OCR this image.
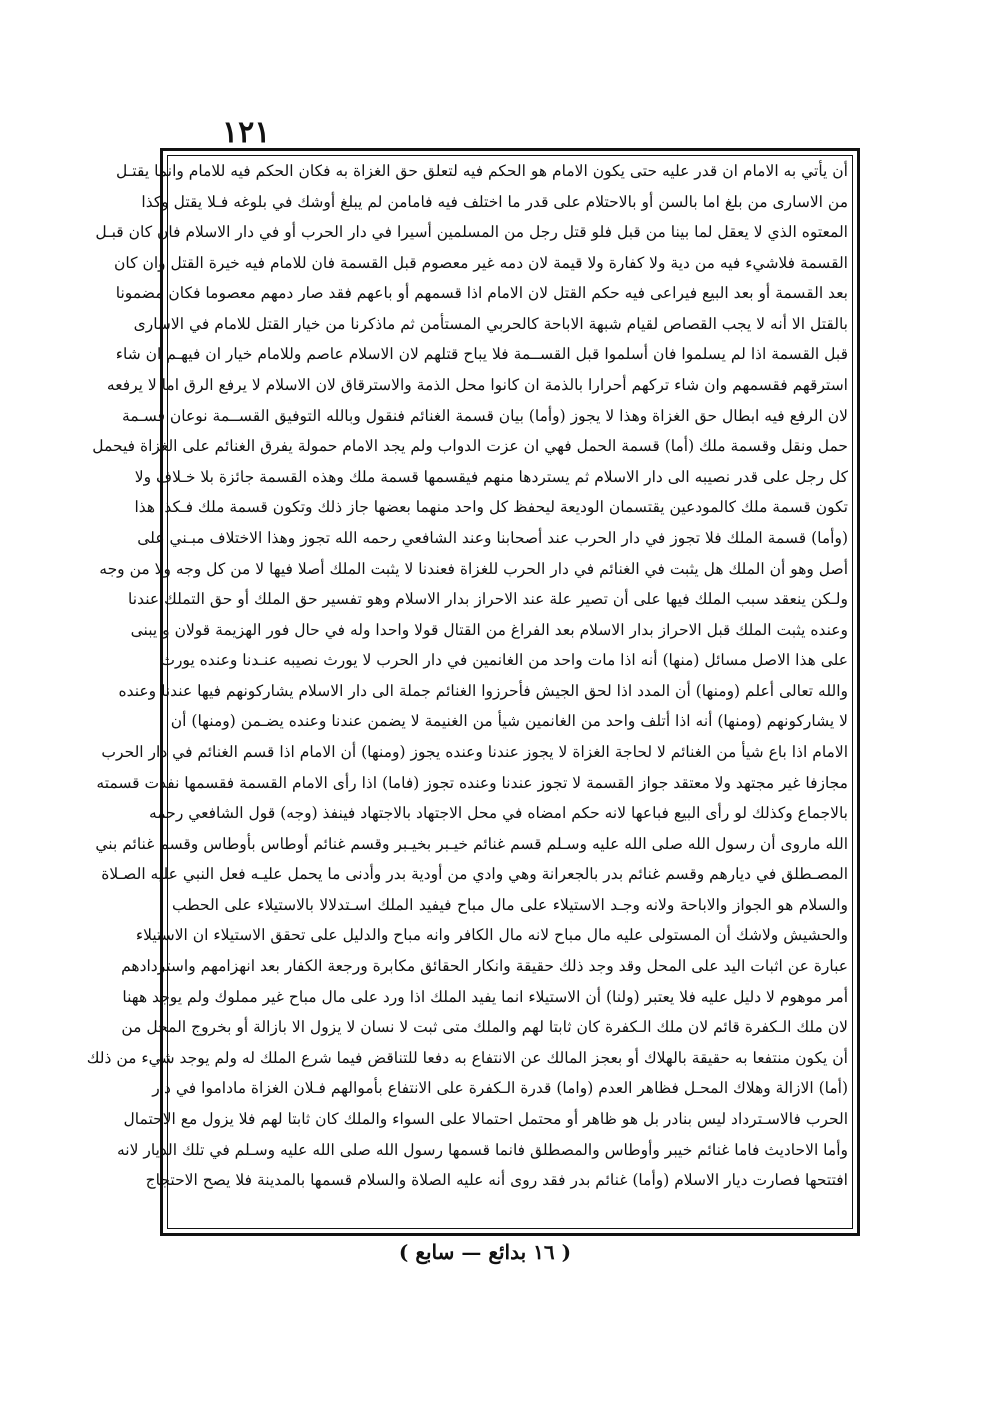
١٢١
أن يأتي به الامام ان قدر عليه حتى يكون الامام هو الحكم فيه لتعلق حق الغزاة به فكان الحكم فيه للامام وانما يقتـل
من الاسارى من بلغ اما بالسن أو بالاحتلام على قدر ما اختلف فيه فامامن لم يبلغ أوشك في بلوغه فـلا يقتل وكذا
المعتوه الذي لا يعقل لما بينا من قبل فلو قتل رجل من المسلمين أسيرا في دار الحرب أو في دار الاسلام فان كان قبـل
القسمة فلاشيء فيه من دية ولا كفارة ولا قيمة لان دمه غير معصوم قبل القسمة فان للامام فيه خيرة القتل وان كان
بعد القسمة أو بعد البيع فيراعى فيه حكم القتل لان الامام اذا قسمهم أو باعهم فقد صار دمهم معصوما فكان مضمونا
بالقتل الا أنه لا يجب القصاص لقيام شبهة الاباحة كالحربي المستأمن ثم ماذكرنا من خيار القتل للامام في الاسارى
قبل القسمة اذا لم يسلموا فان أسلموا قبل القســمة فلا يباح قتلهم لان الاسلام عاصم وللامام خيار ان فيهـم ان شاء
استرقهم فقسمهم وان شاء تركهم أحرارا بالذمة ان كانوا محل الذمة والاسترقاق لان الاسلام لا يرفع الرق اما لا يرفعه
لان الرفع فيه ابطال حق الغزاة وهذا لا يجوز (وأما) بيان قسمة الغنائم فنقول وبالله التوفيق القســمة نوعان قسـمة
حمل ونقل وقسمة ملك (أما) قسمة الحمل فهي ان عزت الدواب ولم يجد الامام حمولة يفرق الغنائم على الغزاة فيحمل
كل رجل على قدر نصيبه الى دار الاسلام ثم يستردها منهم فيقسمها قسمة ملك وهذه القسمة جائزة بلا خـلاف ولا
تكون قسمة ملك كالمودعين يقتسمان الوديعة ليحفظ كل واحد منهما بعضها جاز ذلك وتكون قسمة ملك فـكذا هذا
(وأما) قسمة الملك فلا تجوز في دار الحرب عند أصحابنا وعند الشافعي رحمه الله تجوز وهذا الاختلاف مبـني على
أصل وهو أن الملك هل يثبت في الغنائم في دار الحرب للغزاة فعندنا لا يثبت الملك أصلا فيها لا من كل وجه ولا من وجه
ولـكن ينعقد سبب الملك فيها على أن تصير علة عند الاحراز بدار الاسلام وهو تفسير حق الملك أو حق التملك عندنا
وعنده يثبت الملك قبل الاحراز بدار الاسلام بعد الفراغ من القتال قولا واحدا وله في حال فور الهزيمة قولان و يبنى
على هذا الاصل مسائل (منها) أنه اذا مات واحد من الغانمين في دار الحرب لا يورث نصيبه عنـدنا وعنده يورث
والله تعالى أعلم (ومنها) أن المدد اذا لحق الجيش فأحرزوا الغنائم جملة الى دار الاسلام يشاركونهم فيها عندنا وعنده
لا يشاركونهم (ومنها) أنه اذا أتلف واحد من الغانمين شيأ من الغنيمة لا يضمن عندنا وعنده يضـمن (ومنها) أن
الامام اذا باع شيأ من الغنائم لا لحاجة الغزاة لا يجوز عندنا وعنده يجوز (ومنها) أن الامام اذا قسم الغنائم في دار الحرب
مجازفا غير مجتهد ولا معتقد جواز القسمة لا تجوز عندنا وعنده تجوز (فاما) اذا رأى الامام القسمة فقسمها نفذت قسمته
بالاجماع وكذلك لو رأى البيع فباعها لانه حكم امضاه في محل الاجتهاد بالاجتهاد فينفذ (وجه) قول الشافعي رحمه
الله ماروى أن رسول الله صلى الله عليه وسـلم قسم غنائم خيـبر بخيـبر وقسم غنائم أوطاس بأوطاس وقسم غنائم بني
المصـطلق في ديارهم وقسم غنائم بدر بالجعرانة وهي وادي من أودية بدر وأدنى ما يحمل عليـه فعل النبي عليه الصـلاة
والسلام هو الجواز والاباحة ولانه وجـد الاستيلاء على مال مباح فيفيد الملك اسـتدلالا بالاستيلاء على الحطب
والحشيش ولاشك أن المستولى عليه مال مباح لانه مال الكافر وانه مباح والدليل على تحقق الاستيلاء ان الاستيلاء
عبارة عن اثبات اليد على المحل وقد وجد ذلك حقيقة وانكار الحقائق مكابرة ورجعة الكفار بعد انهزامهم واستردادهم
أمر موهوم لا دليل عليه فلا يعتبر (ولنا) أن الاستيلاء انما يفيد الملك اذا ورد على مال مباح غير مملوك ولم يوجد ههنا
لان ملك الـكفرة قائم لان ملك الـكفرة كان ثابتا لهم والملك متى ثبت لا نسان لا يزول الا بازالة أو بخروج المحل من
أن يكون منتفعا به حقيقة بالهلاك أو بعجز المالك عن الانتفاع به دفعا للتناقض فيما شرع الملك له ولم يوجد شيء من ذلك
(أما) الازالة وهلاك المحـل فظاهر العدم (واما) قدرة الـكفرة على الانتفاع بأموالهم فـلان الغزاة ماداموا في دار
الحرب فالاسـترداد ليس بنادر بل هو ظاهر أو محتمل احتمالا على السواء والملك كان ثابتا لهم فلا يزول مع الاحتمال
وأما الاحاديث فاما غنائم خيبر وأوطاس والمصطلق فانما قسمها رسول الله صلى الله عليه وسـلم في تلك الديار لانه
افتتحها فصارت ديار الاسلام (وأما) غنائم بدر فقد روى أنه عليه الصلاة والسلام قسمها بالمدينة فلا يصح الاحتجاج
( ١٦ بدائع — سابع )
